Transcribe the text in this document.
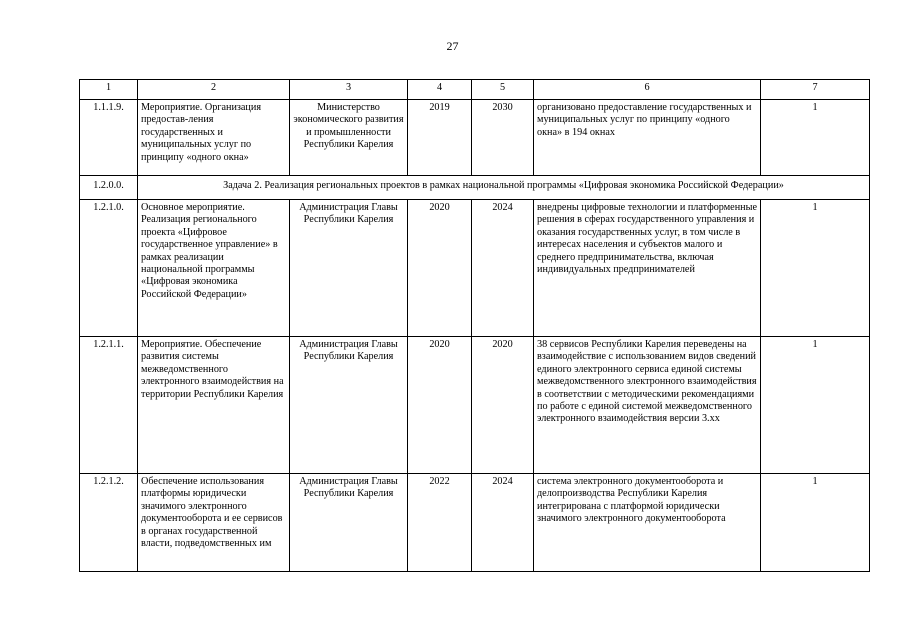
27
1	2	3	4	5	6	7
1.1.1.9.	Мероприятие. Организация предостав-ления государственных и муниципальных услуг по принципу «одного окна»	Министерство экономического развития и промышленности Республики Карелия	2019	2030	организовано предоставление государственных и муниципальных услуг по принципу «одного окна» в 194 окнах	1
1.2.0.0.	Задача 2. Реализация региональных проектов в рамках национальной программы «Цифровая экономика Российской Федерации»					
1.2.1.0.	Основное мероприятие. Реализация регионального проекта «Цифровое государственное управление» в рамках реализации национальной программы «Цифровая экономика Российской Федерации»	Администрация Главы Республики Карелия	2020	2024	внедрены цифровые технологии и платформенные решения в сферах государственного управления и оказания государственных услуг, в том числе в интересах населения и субъектов малого и среднего предпринимательства, включая индивидуальных предпринимателей	1
1.2.1.1.	Мероприятие. Обеспечение развития системы межведомственного электронного взаимодействия на территории Республики Карелия	Администрация Главы Республики Карелия	2020	2020	38 сервисов Республики Карелия переведены на взаимодействие с использованием видов сведений единого электронного сервиса единой системы межведомственного электронного взаимодействия в соответствии с методическими рекомендациями по работе с единой системой межведомственного электронного взаимодействия версии 3.хх	1
1.2.1.2.	Обеспечение использования платформы юридически значимого электронного документооборота и ее сервисов в органах государственной власти, подведомственных им	Администрация Главы Республики Карелия	2022	2024	система электронного документооборота и делопроизводства Республики Карелия интегрирована с платформой юридически значимого электронного документооборота	1
